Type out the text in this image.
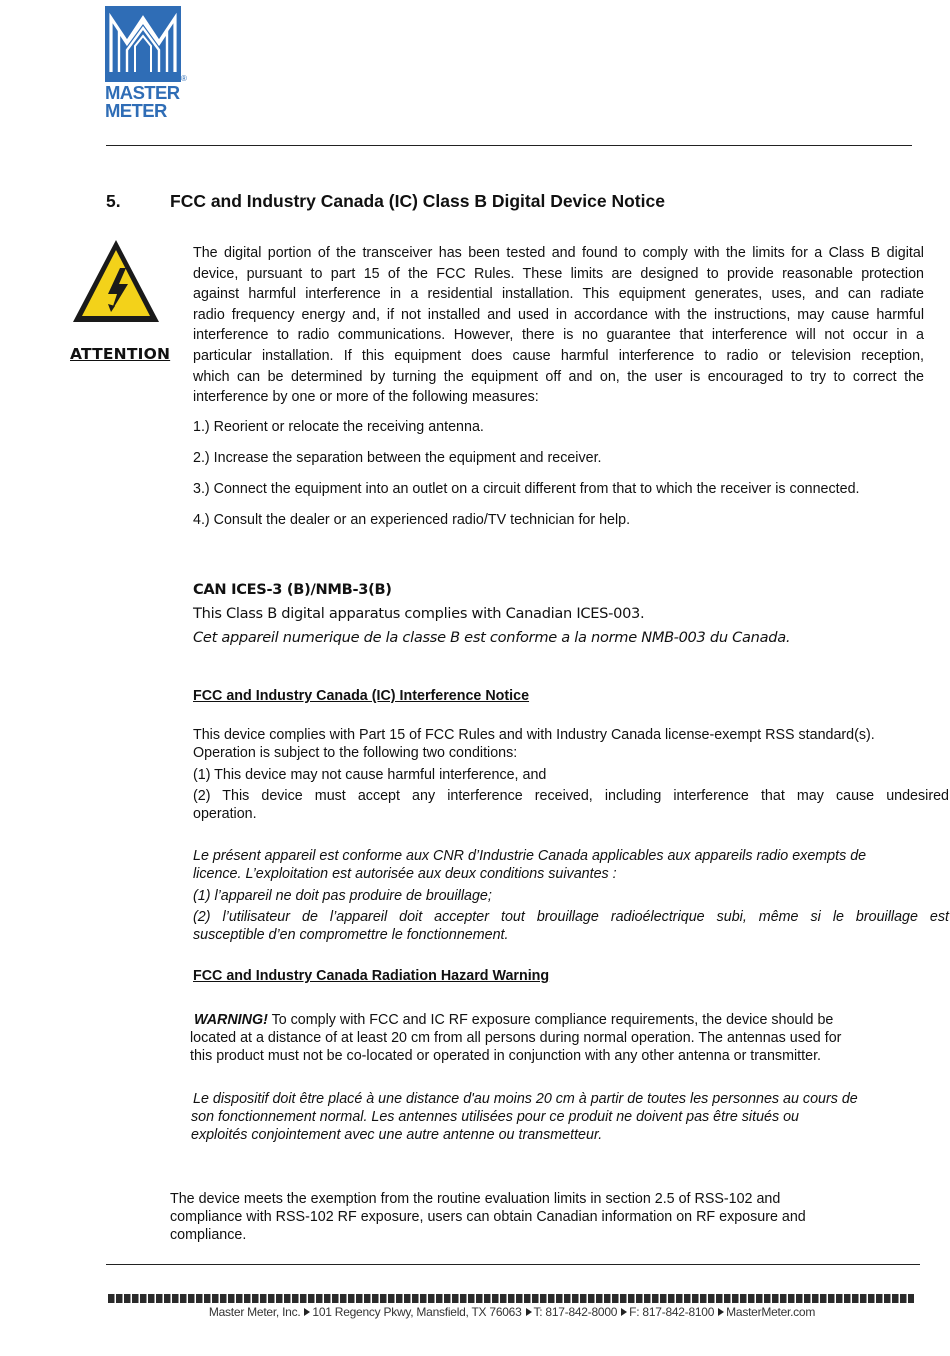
®
MASTER
METER
5.	FCC and Industry Canada (IC) Class B Digital Device Notice
ATTENTION
The digital portion of the transceiver has been tested and found to comply with the limits for a Class B digital
device, pursuant to part 15 of the FCC Rules. These limits are designed to provide reasonable protection
against harmful interference in a residential installation. This equipment generates, uses, and can radiate
radio frequency energy and, if not installed and used in accordance with the instructions, may cause harmful
interference to radio communications. However, there is no guarantee that interference will not occur in a
particular installation. If this equipment does cause harmful interference to radio or television reception,
which can be determined by turning the equipment off and on, the user is encouraged to try to correct the
interference by one or more of the following measures:
1.) Reorient or relocate the receiving antenna.
2.) Increase the separation between the equipment and receiver.
3.) Connect the equipment into an outlet on a circuit different from that to which the receiver is connected.
4.) Consult the dealer or an experienced radio/TV technician for help.
CAN ICES-3 (B)/NMB-3(B)
This Class B digital apparatus complies with Canadian ICES-003.
Cet appareil numerique de la classe B est conforme a la norme NMB-003 du Canada.
FCC and Industry Canada (IC) Interference Notice
This device complies with Part 15 of FCC Rules and with Industry Canada license-exempt RSS standard(s).
Operation is subject to the following two conditions:
(1) This device may not cause harmful interference, and
(2) This device must accept any interference received, including interference that may cause undesired
operation.
Le présent appareil est conforme aux CNR d’Industrie Canada applicables aux appareils radio exempts de
licence. L’exploitation est autorisée aux deux conditions suivantes :
(1) l’appareil ne doit pas produire de brouillage;
(2) l’utilisateur de l’appareil doit accepter tout brouillage radioélectrique subi, même si le brouillage est
susceptible d’en compromettre le fonctionnement.
FCC and Industry Canada Radiation Hazard Warning
WARNING! To comply with FCC and IC RF exposure compliance requirements, the device should be
located at a distance of at least 20 cm from all persons during normal operation. The antennas used for
this product must not be co-located or operated in conjunction with any other antenna or transmitter.
Le dispositif doit être placé à une distance d'au moins 20 cm à partir de toutes les personnes au cours de
son fonctionnement normal. Les antennes utilisées pour ce produit ne doivent pas être situés ou
exploités conjointement avec une autre antenne ou transmetteur.
The device meets the exemption from the routine evaluation limits in section 2.5 of RSS-102 and
compliance with RSS-102 RF exposure, users can obtain Canadian information on RF exposure and
compliance.
Master Meter, Inc. 101 Regency Pkwy, Mansfield, TX 76063 T: 817-842-8000 F: 817-842-8100 MasterMeter.com
